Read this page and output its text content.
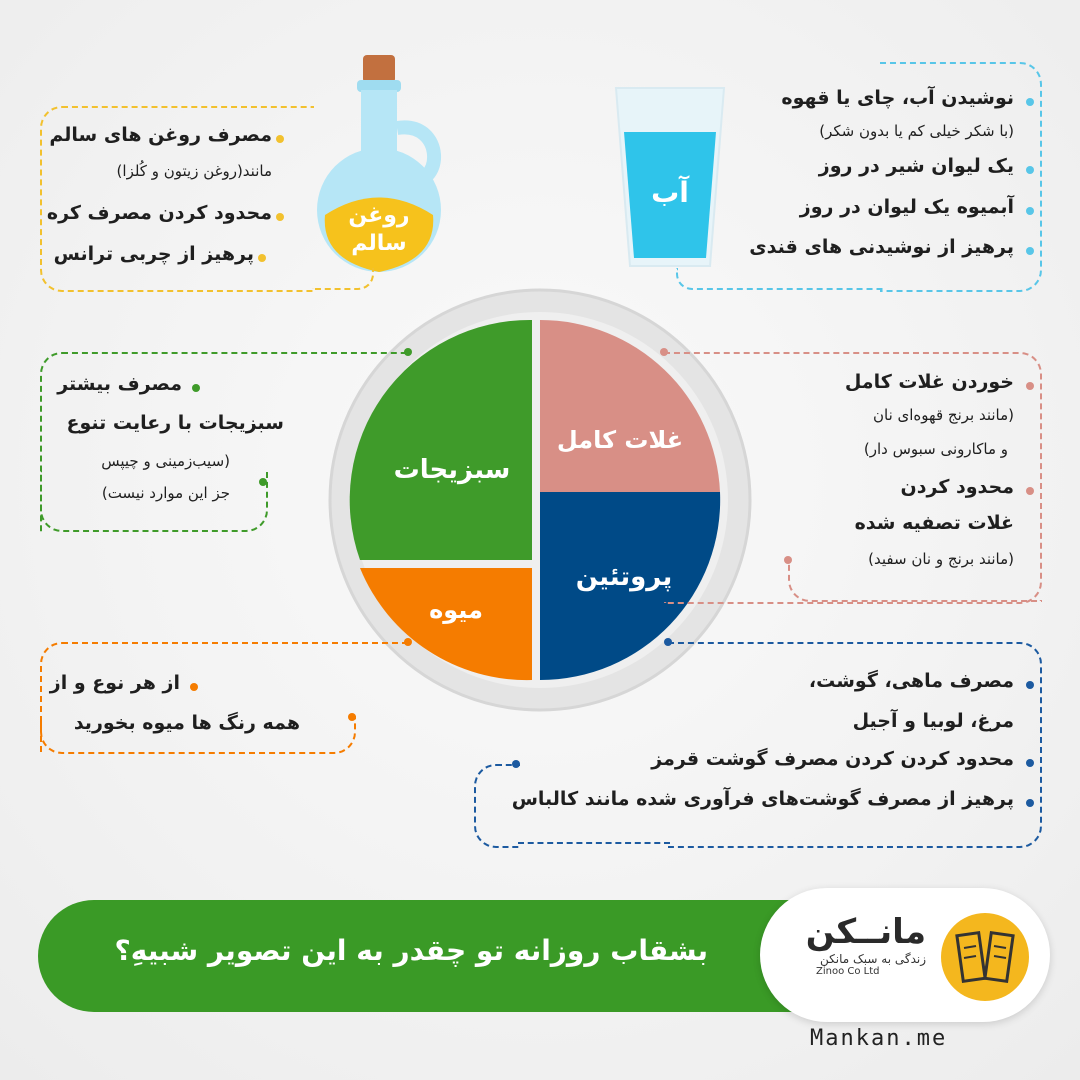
روغن
سالم
مصرف روغن های سالم
مانند(روغن زیتون و کُلزا)
محدود کردن مصرف کره
پرهیز از چربی ترانس
آب
نوشیدن آب، چای یا قهوه
(با شکر خیلی کم یا بدون شکر)
یک لیوان شیر در روز
آبمیوه یک لیوان در روز
پرهیز از نوشیدنی های قندی
غلات کامل
پروتئین
سبزیجات
میوه
مصرف بیشتر
سبزیجات با رعایت تنوع
(سیب‌زمینی و چیپس
جز این موارد نیست)
خوردن غلات کامل
(مانند برنج قهوه‌ای نان
و ماکارونی سبوس دار)
محدود کردن
غلات تصفیه شده
(مانند برنج و نان سفید)
از هر نوع و از
همه رنگ ها میوه بخورید
مصرف ماهی، گوشت،
مرغ، لوبیا و آجیل
محدود کردن کردن مصرف گوشت قرمز
پرهیز از مصرف گوشت‌های فرآوری شده مانند کالباس
بشقاب روزانه تو چقدر به این تصویر شبیهِ؟	مانــکن
زندگی به سبک مانکن
Zinoo Co Ltd
Mankan.me
